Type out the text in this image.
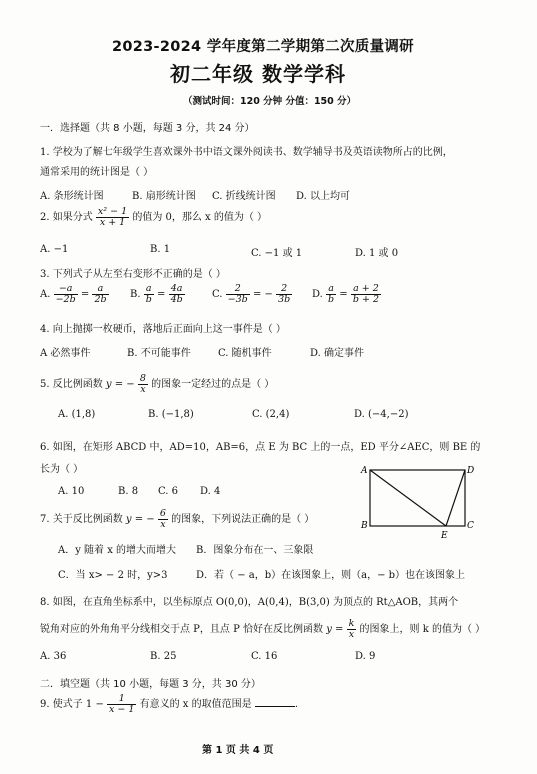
2023-2024 学年度第二学期第二次质量调研
初二年级 数学学科
（测试时间：120 分钟 分值：150 分）
一．选择题（共 8 小题，每题 3 分，共 24 分）
1. 学校为了解七年级学生喜欢课外书中语文课外阅读书、数学辅导书及英语读物所占的比例，
通常采用的统计图是（ ）
A. 条形统计图	B. 扇形统计图 C. 折线统计图 D. 以上均可
2. 如果分式 $\frac{\text{x² − 1}}{x + 1}$ 的值为 0，那么 x 的值为（ ）
A. −1	B. 1	C. −1 或 1	D. 1 或 0
3. 下列式子从左至右变形不正确的是（ ）
A. $\frac{-a}{-2b} = \frac{a}{2b} B$. $\frac{a}{b} = \frac{4a}{4b}$	C. $\frac{2}{-3b}$ = − $\frac{2}{3b} D$. $\frac{a}{b} = \frac{a + 2}{b + 2}$
4. 向上抛掷一枚硬币，落地后正面向上这一事件是（ ）
A 必然事件	B. 不可能事件	C. 随机事件	D. 确定事件
5. 反比例函数 y = − $\frac{8}{x}$ 的图象一定经过的点是（ ）
A. (1,8)	B. (−1,8)	C. (2,4)	D. (−4,−2)
6. 如图，在矩形 ABCD 中，AD=10，AB=6，点 E 为 BC 上的一点，ED 平分∠AEC，则 BE 的
长为（ ）
A. 10	B. 8 C. 6 D. 4
A	D
B	C
E
7. 关于反比例函数 y = − $\frac{6}{x}$ 的图象，下列说法正确的是（ ）
A．y 随着 x 的增大而增大 B．图象分布在一、三象限
C．当 x> − 2 时，y>3	D．若（ − a，b）在该图象上，则（a，− b）也在该图象上
8. 如图，在直角坐标系中，以坐标原点 O(0,0)，A(0,4)，B(3,0) 为顶点的 Rt△AOB，其两个
锐角对应的外角角平分线相交于点 P，且点 P 恰好在反比例函数 $y = \frac{k}{x}$ 的图象上，则 k 的值为（ ）
A. 36	B. 25	C. 16	D. 9
二．填空题（共 10 小题，每题 3 分，共 30 分）
9. 使式子 $1 - \frac{1}{x - 1}$ 有意义的 x 的取值范围是	.
第 1 页 共 4 页
